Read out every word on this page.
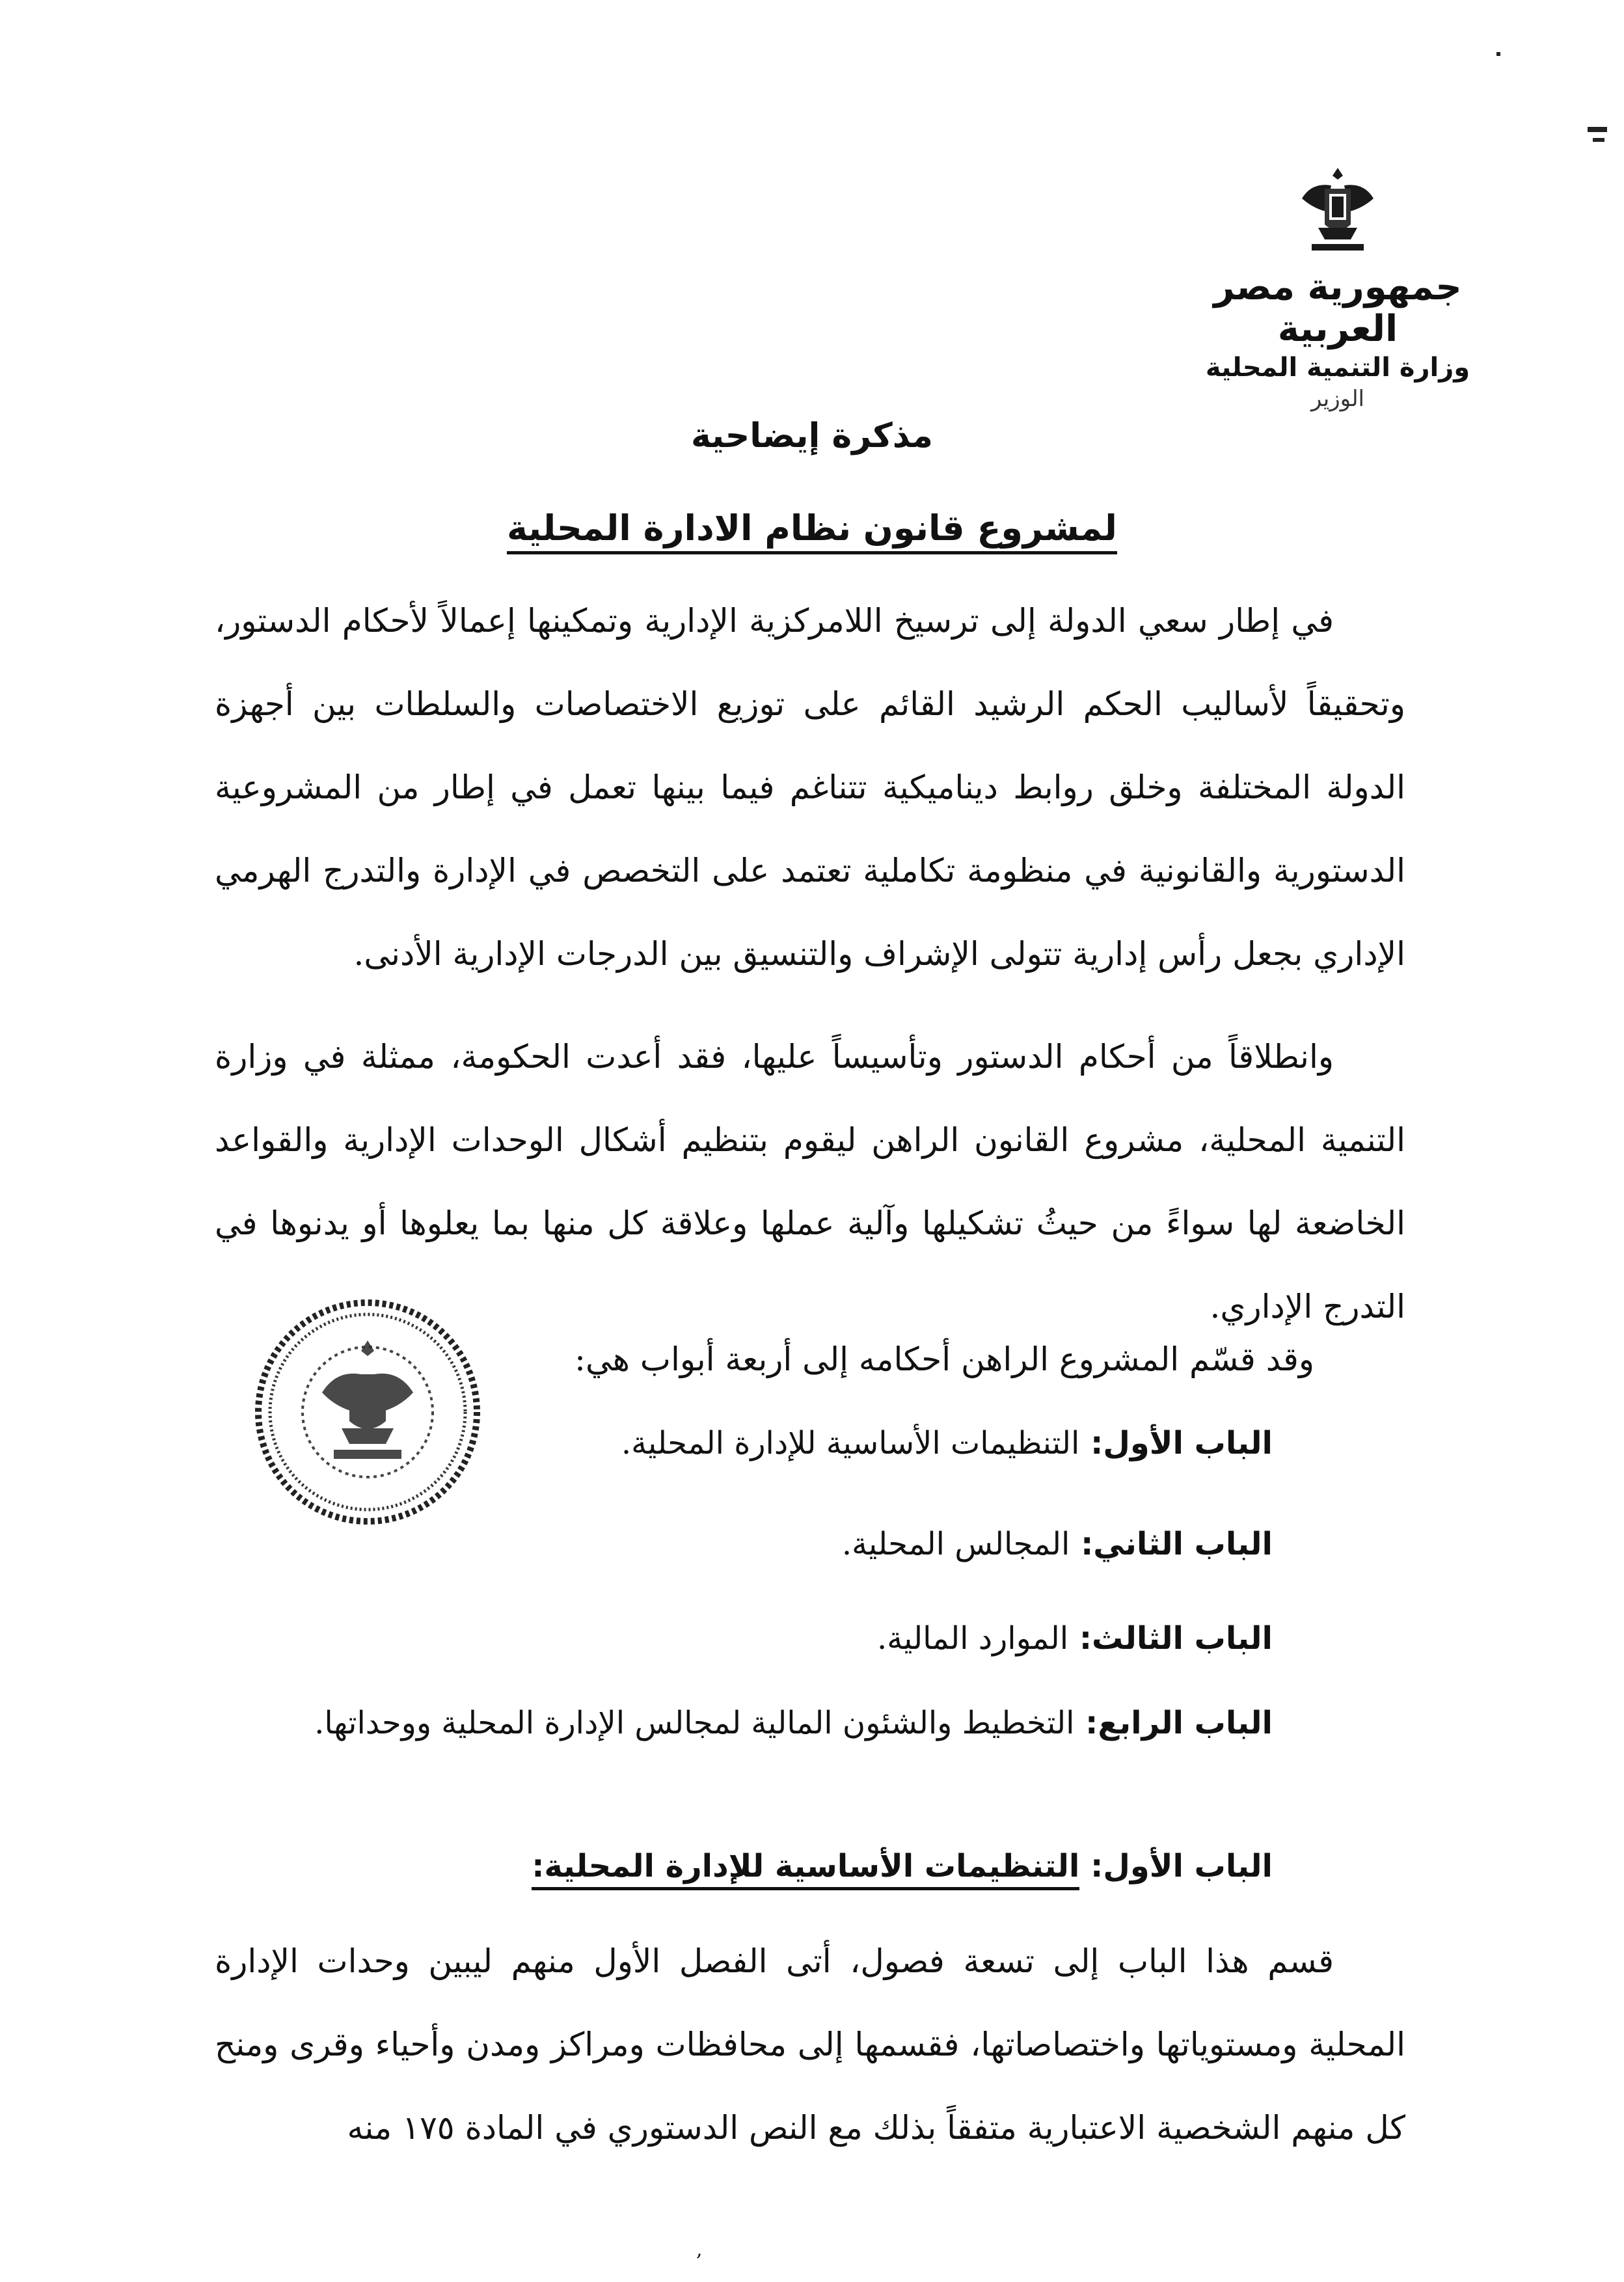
جمهورية مصر العربية
وزارة التنمية المحلية
الوزير
مذكرة إيضاحية
لمشروع قانون نظام الادارة المحلية
في إطار سعي الدولة إلى ترسيخ اللامركزية الإدارية وتمكينها إعمالاً لأحكام الدستور، وتحقيقاً لأساليب الحكم الرشيد القائم على توزيع الاختصاصات والسلطات بين أجهزة الدولة المختلفة وخلق روابط ديناميكية تتناغم فيما بينها تعمل في إطار من المشروعية الدستورية والقانونية في منظومة تكاملية تعتمد على التخصص في الإدارة والتدرج الهرمي الإداري بجعل رأس إدارية تتولى الإشراف والتنسيق بين الدرجات الإدارية الأدنى.
وانطلاقاً من أحكام الدستور وتأسيساً عليها، فقد أعدت الحكومة، ممثلة في وزارة التنمية المحلية، مشروع القانون الراهن ليقوم بتنظيم أشكال الوحدات الإدارية والقواعد الخاضعة لها سواءً من حيثُ تشكيلها وآلية عملها وعلاقة كل منها بما يعلوها أو يدنوها في التدرج الإداري.
وقد قسّم المشروع الراهن أحكامه إلى أربعة أبواب هي:
الباب الأول: التنظيمات الأساسية للإدارة المحلية.
الباب الثاني: المجالس المحلية.
الباب الثالث: الموارد المالية.
الباب الرابع: التخطيط والشئون المالية لمجالس الإدارة المحلية ووحداتها.
الباب الأول: التنظيمات الأساسية للإدارة المحلية:
قسم هذا الباب إلى تسعة فصول، أتى الفصل الأول منهم ليبين وحدات الإدارة المحلية ومستوياتها واختصاصاتها، فقسمها إلى محافظات ومراكز ومدن وأحياء وقرى ومنح كل منهم الشخصية الاعتبارية متفقاً بذلك مع النص الدستوري في المادة ١٧٥ منه
,
